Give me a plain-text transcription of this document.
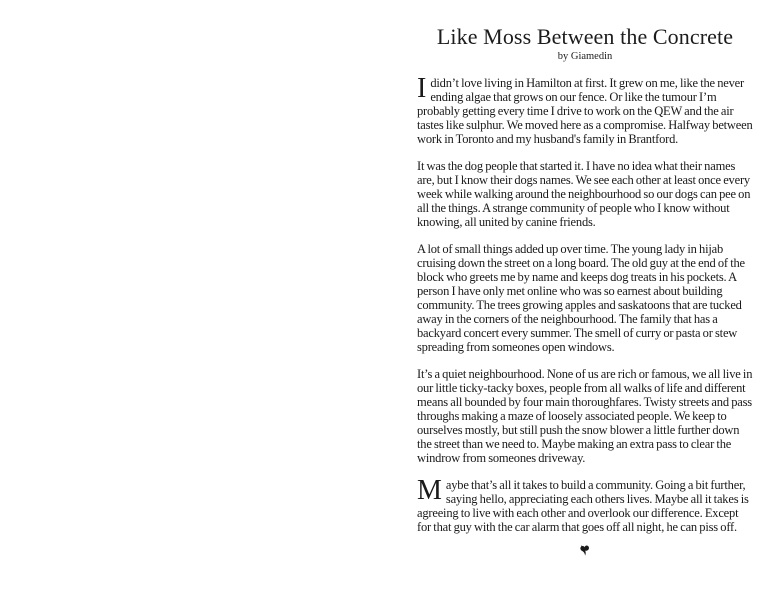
Like Moss Between the Concrete
by Giamedin

Ididn’t love living in Hamilton at first. It grew on me, like the never ending algae that grows on our fence. Or like the tumour I’m probably getting every time I drive to work on the QEW and the air tastes like sulphur. We moved here as a compromise. Halfway between work in Toronto and my husband's family in Brantford.

It was the dog people that started it. I have no idea what their names are, but I know their dogs names. We see each other at least once every week while walking around the neighbourhood so our dogs can pee on all the things. A strange community of people who I know without knowing, all united by canine friends.

A lot of small things added up over time. The young lady in hijab cruising down the street on a long board. The old guy at the end of the block who greets me by name and keeps dog treats in his pockets. A person I have only met online who was so earnest about building community. The trees growing apples and saskatoons that are tucked away in the corners of the neighbourhood. The family that has a backyard concert every summer. The smell of curry or pasta or stew spreading from someones open windows.

It’s a quiet neighbourhood. None of us are rich or famous, we all live in our little ticky-tacky boxes, people from all walks of life and different means all bounded by four main thoroughfares. Twisty streets and pass throughs making a maze of loosely associated people. We keep to ourselves mostly, but still push the snow blower a little further down the street than we need to. Maybe making an extra pass to clear the windrow from someones driveway.

Maybe that’s all it takes to build a community. Going a bit further, saying hello, appreciating each others lives. Maybe all it takes is agreeing to live with each other and overlook our difference. Except for that guy with the car alarm that goes off all night, he can piss off.
